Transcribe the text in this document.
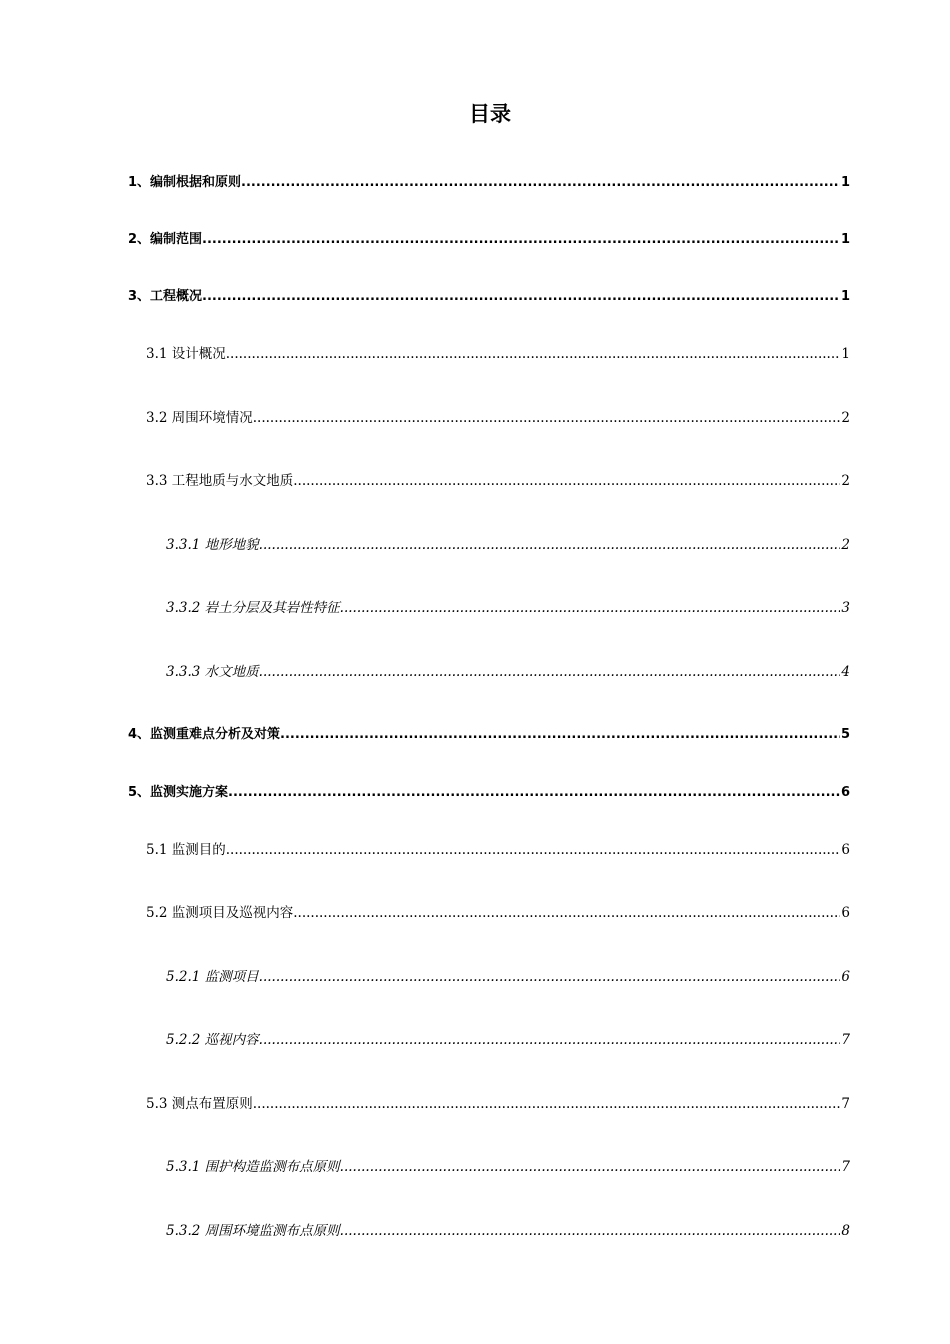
目录
1、编制根据和原则 .....	1
2、编制范围 .....	1
3、工程概况 .....	1
3.1 设计概况 .....	1
3.2 周围环境情况 .....	2
3.3 工程地质与水文地质 .....	2
3.3.1 地形地貌 .....	2
3.3.2 岩土分层及其岩性特征 .....	3
3.3.3 水文地质 .....	4
4、监测重难点分析及对策 .....	5
5、监测实施方案 .....	6
5.1 监测目的 .....	6
5.2 监测项目及巡视内容 .....	6
5.2.1 监测项目 .....	6
5.2.2 巡视内容 .....	7
5.3 测点布置原则 .....	7
5.3.1 围护构造监测布点原则 .....	7
5.3.2 周围环境监测布点原则 .....	8
